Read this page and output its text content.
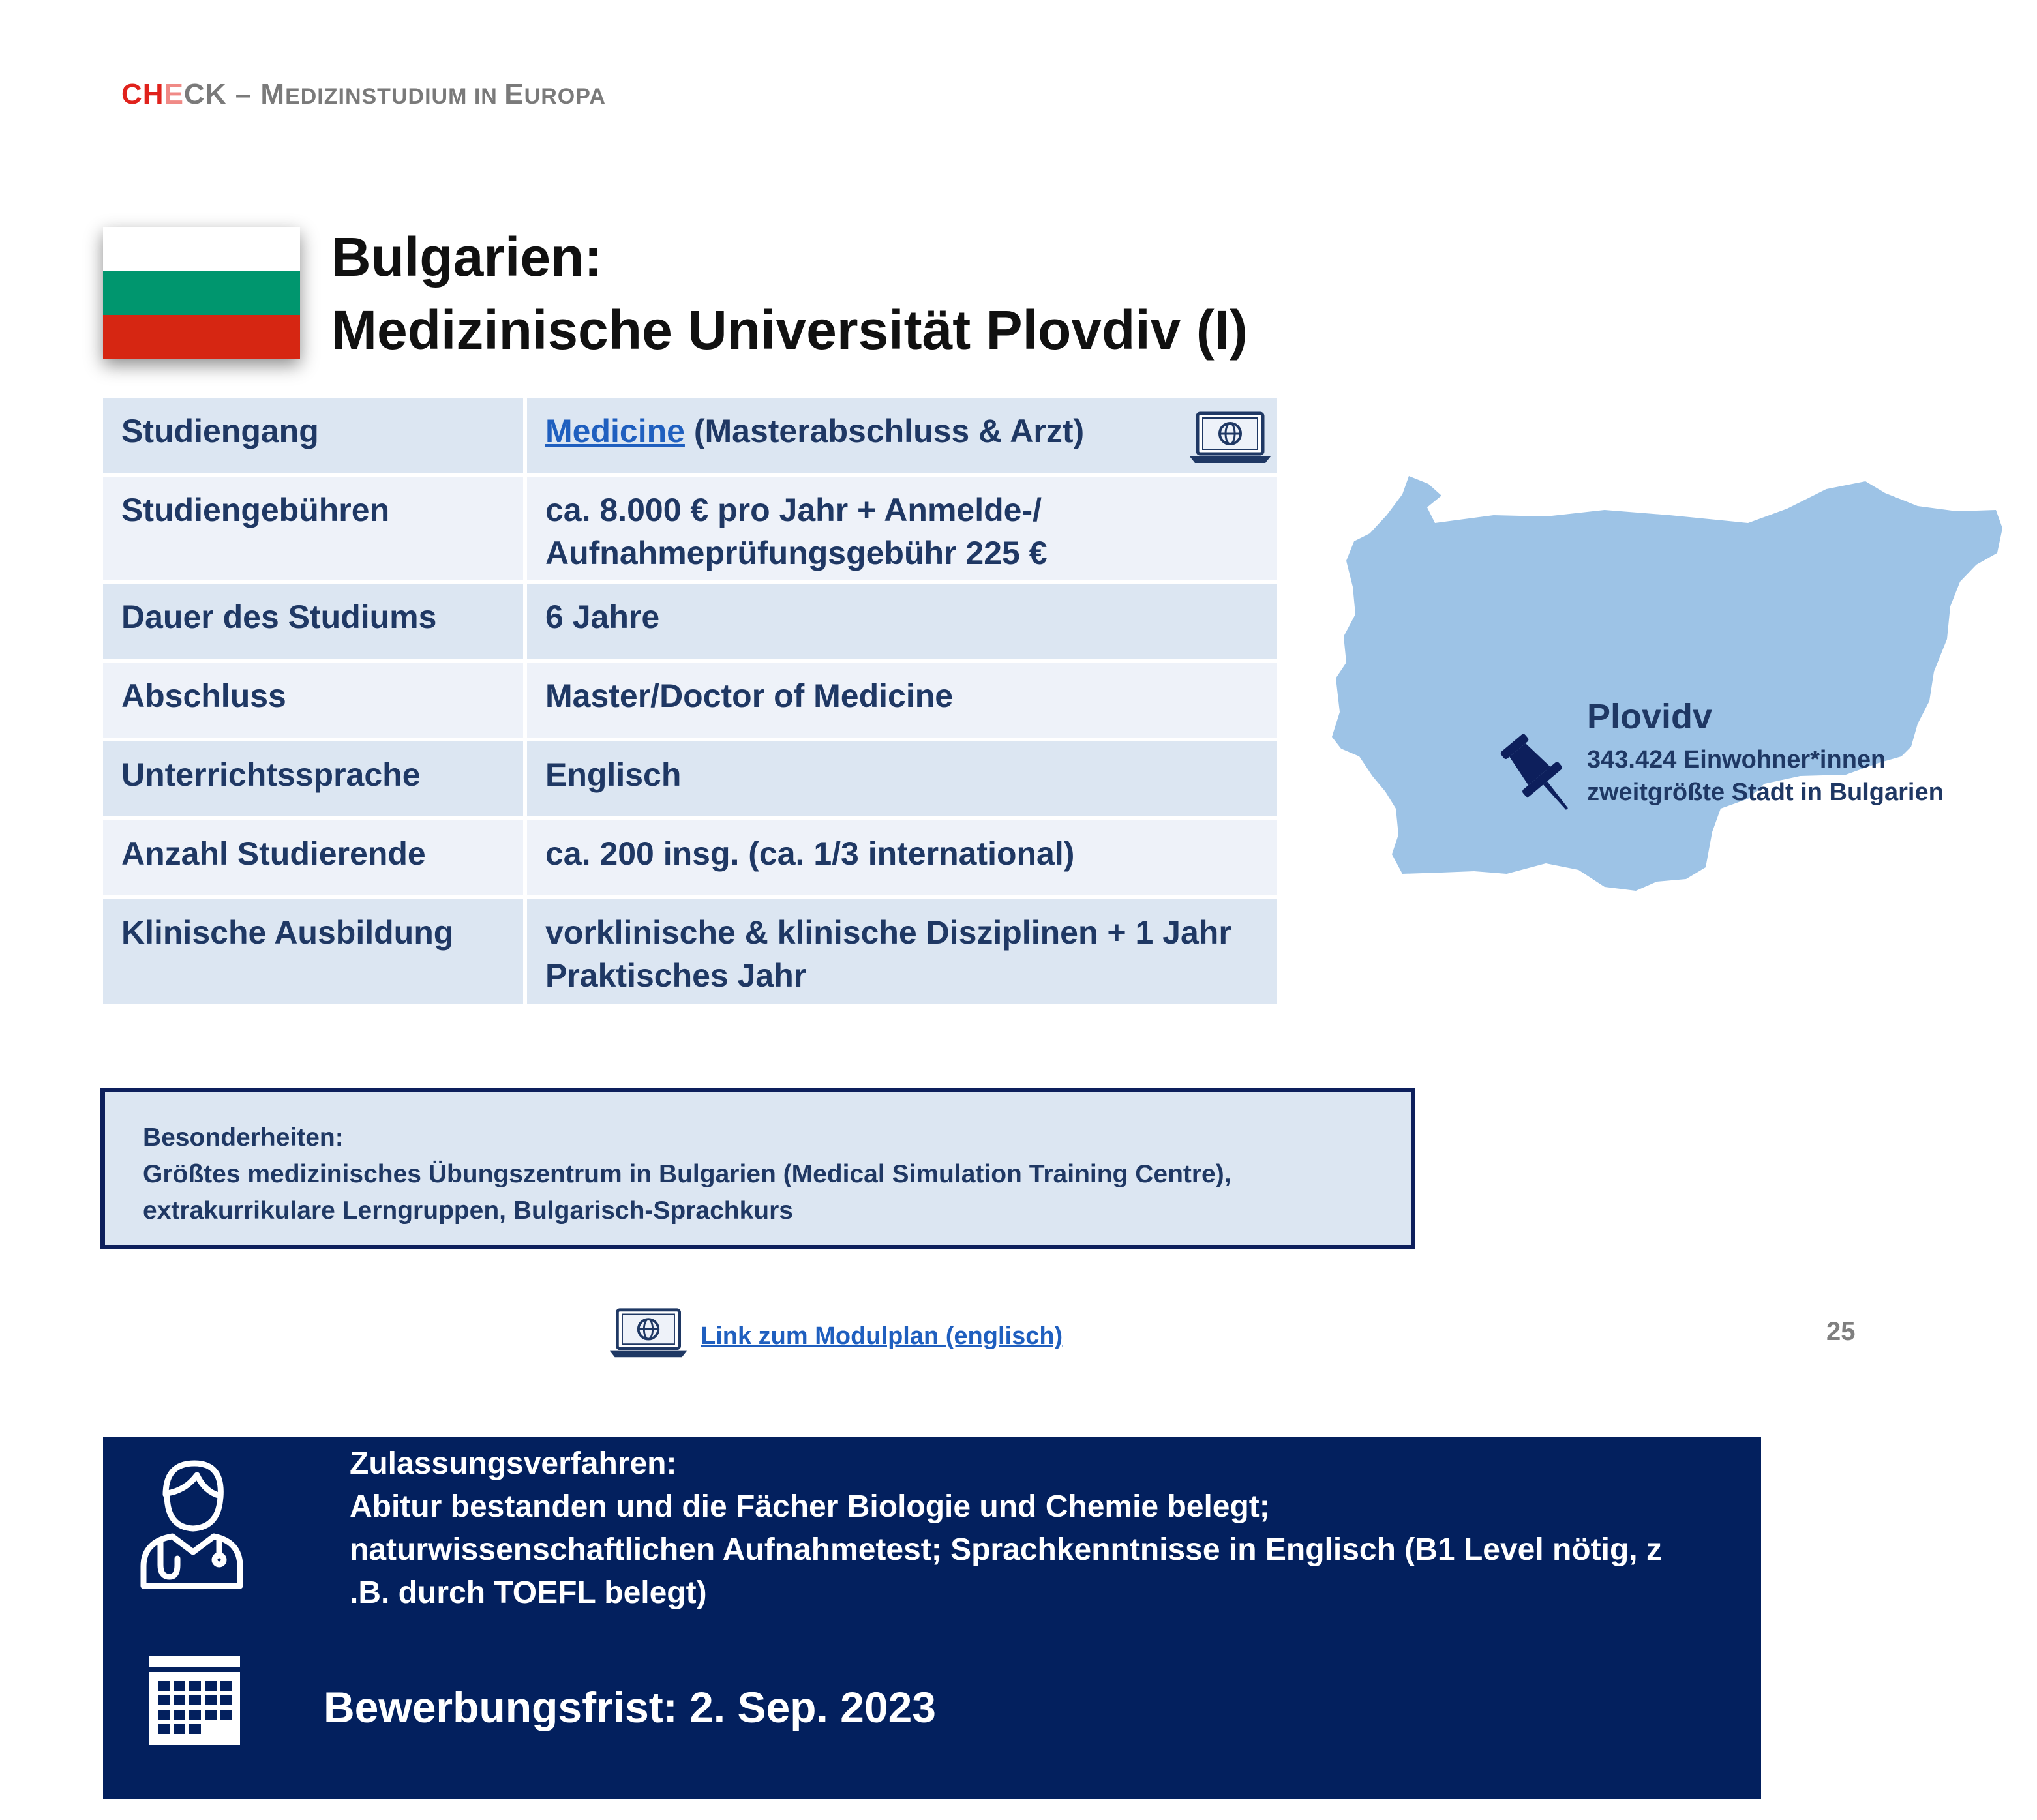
CHECK – MEDIZINSTUDIUM IN EUROPA
Bulgarien:
Medizinische Universität Plovdiv (I)
Studiengang	Medicine (Masterabschluss & Arzt)
Studiengebühren	ca. 8.000 € pro Jahr + Anmelde-/
Aufnahmeprüfungsgebühr 225 €
Dauer des Studiums	6 Jahre
Abschluss	Master/Doctor of Medicine
Unterrichtssprache	Englisch
Anzahl Studierende	ca. 200 insg. (ca. 1/3 international)
Klinische Ausbildung	vorklinische & klinische Disziplinen + 1 Jahr
Praktisches Jahr
Plovidv
343.424 Einwohner*innen
zweitgrößte Stadt in Bulgarien
Besonderheiten:
Größtes medizinisches Übungszentrum in Bulgarien (Medical Simulation Training Centre),
extrakurrikulare Lerngruppen, Bulgarisch-Sprachkurs
Link zum Modulplan (englisch)	25
Zulassungsverfahren:
Abitur bestanden und die Fächer Biologie und Chemie belegt;
naturwissenschaftlichen Aufnahmetest; Sprachkenntnisse in Englisch (B1 Level nötig, z
.B. durch TOEFL belegt)
Bewerbungsfrist: 2. Sep. 2023
